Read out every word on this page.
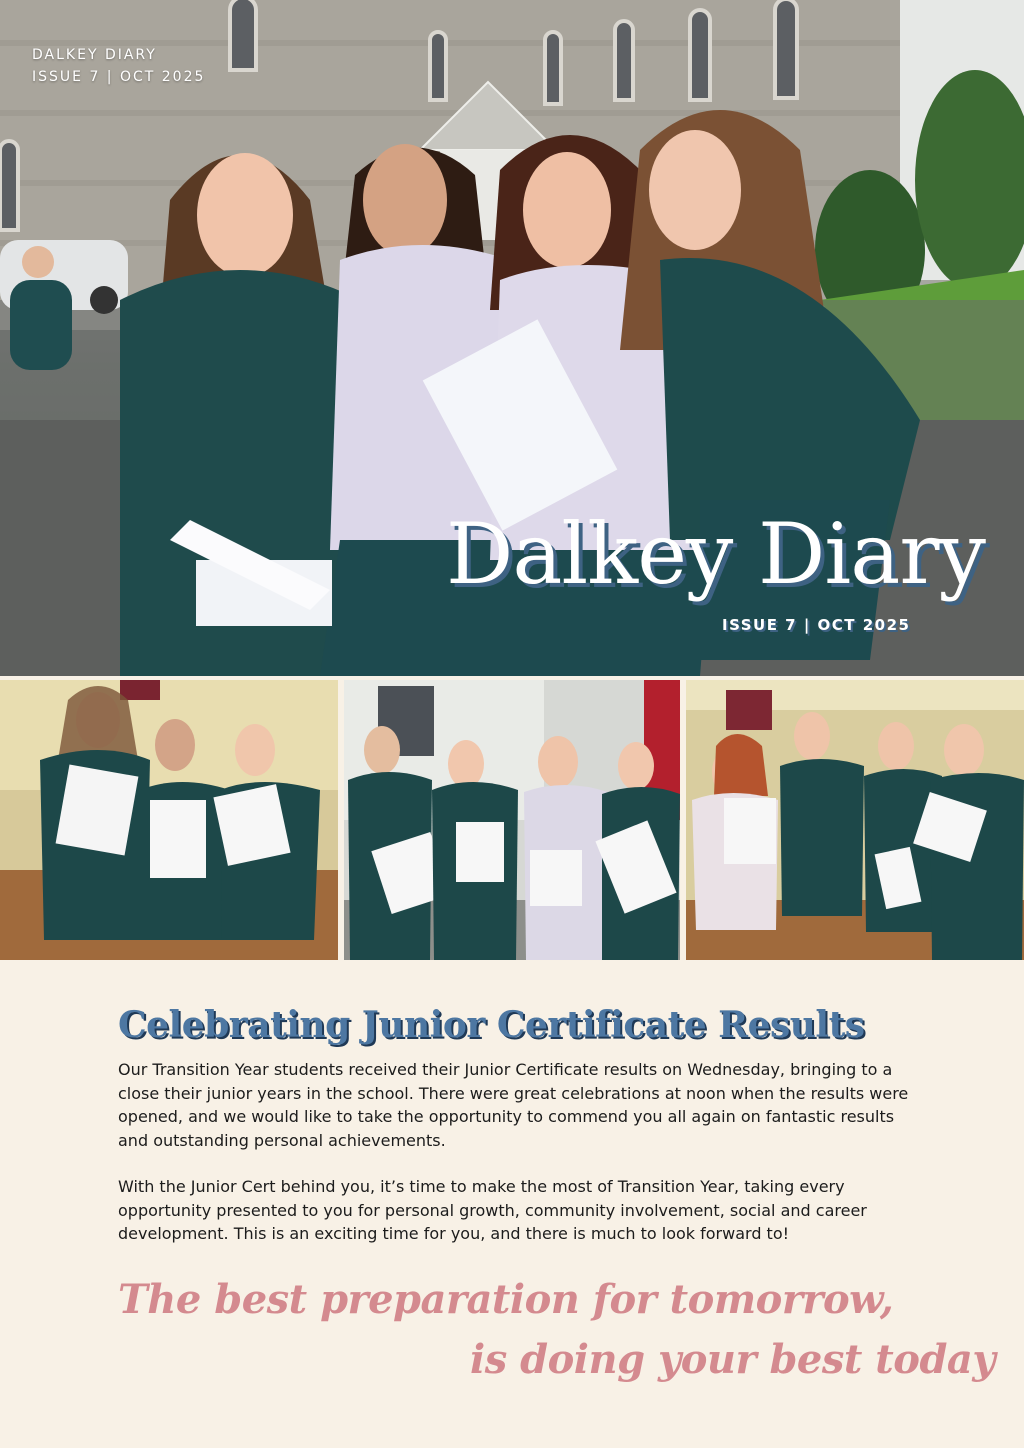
DALKEY DIARY
ISSUE 7 | OCT 2025
Dalkey Diary
ISSUE 7 | OCT 2025
Celebrating Junior Certificate Results

Our Transition Year students received their Junior Certificate results on Wednesday, bringing to a close their junior years in the school. There were great celebrations at noon when the results were opened, and we would like to take the opportunity to commend you all again on fantastic results and outstanding personal achievements.

With the Junior Cert behind you, it’s time to make the most of Transition Year, taking every opportunity presented to you for personal growth, community involvement, social and career development. This is an exciting time for you, and there is much to look forward to!

The best preparation for tomorrow,
is doing your best today
